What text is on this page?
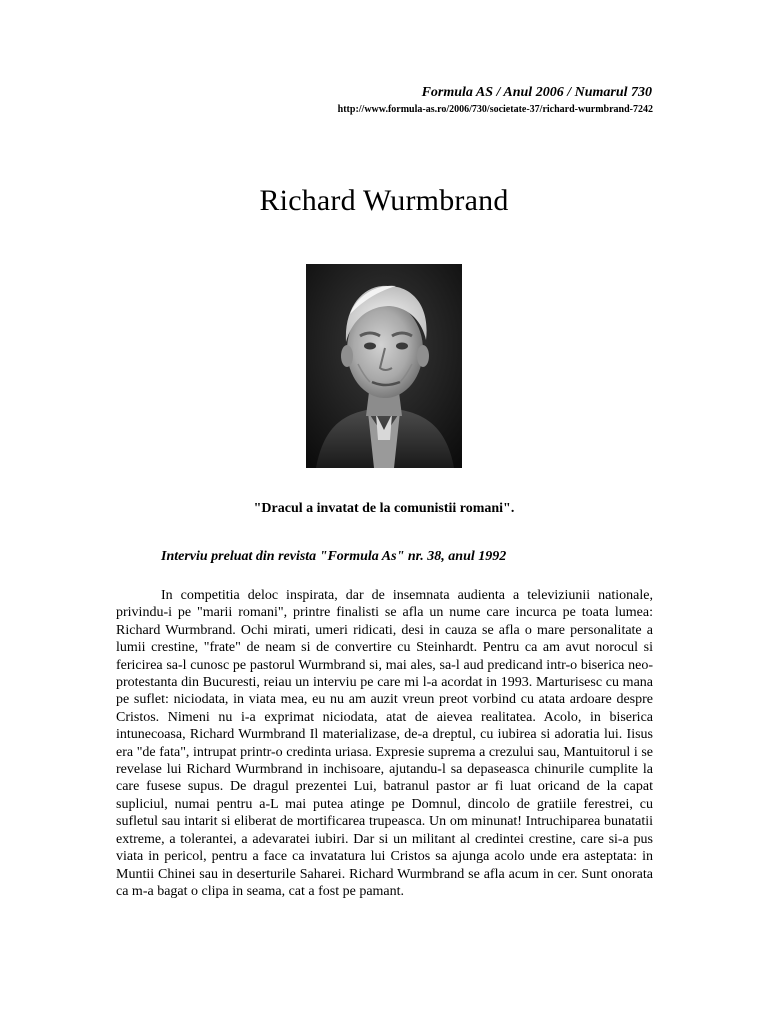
Formula AS / Anul 2006 / Numarul 730
http://www.formula-as.ro/2006/730/societate-37/richard-wurmbrand-7242
Richard Wurmbrand
"Dracul a invatat de la comunistii romani".
Interviu preluat din revista "Formula As" nr. 38, anul 1992

In competitia deloc inspirata, dar de insemnata audienta a televiziunii nationale, privindu-i pe "marii romani", printre finalisti se afla un nume care incurca pe toata lumea: Richard Wurmbrand. Ochi mirati, umeri ridicati, desi in cauza se afla o mare personalitate a lumii crestine, "frate" de neam si de convertire cu Steinhardt. Pentru ca am avut norocul si fericirea sa-l cunosc pe pastorul Wurmbrand si, mai ales, sa-l aud predicand intr-o biserica neo-protestanta din Bucuresti, reiau un interviu pe care mi l-a acordat in 1993. Marturisesc cu mana pe suflet: niciodata, in viata mea, eu nu am auzit vreun preot vorbind cu atata ardoare despre Cristos. Nimeni nu i-a exprimat niciodata, atat de aievea realitatea. Acolo, in biserica intunecoasa, Richard Wurmbrand Il materializase, de-a dreptul, cu iubirea si adoratia lui. Iisus era "de fata", intrupat printr-o credinta uriasa. Expresie suprema a crezului sau, Mantuitorul i se revelase lui Richard Wurmbrand in inchisoare, ajutandu-l sa depaseasca chinurile cumplite la care fusese supus. De dragul prezentei Lui, batranul pastor ar fi luat oricand de la capat supliciul, numai pentru a-L mai putea atinge pe Domnul, dincolo de gratiile ferestrei, cu sufletul sau intarit si eliberat de mortificarea trupeasca. Un om minunat! Intruchiparea bunatatii extreme, a tolerantei, a adevaratei iubiri. Dar si un militant al credintei crestine, care si-a pus viata in pericol, pentru a face ca invatatura lui Cristos sa ajunga acolo unde era asteptata: in Muntii Chinei sau in deserturile Saharei. Richard Wurmbrand se afla acum in cer. Sunt onorata ca m-a bagat o clipa in seama, cat a fost pe pamant.
